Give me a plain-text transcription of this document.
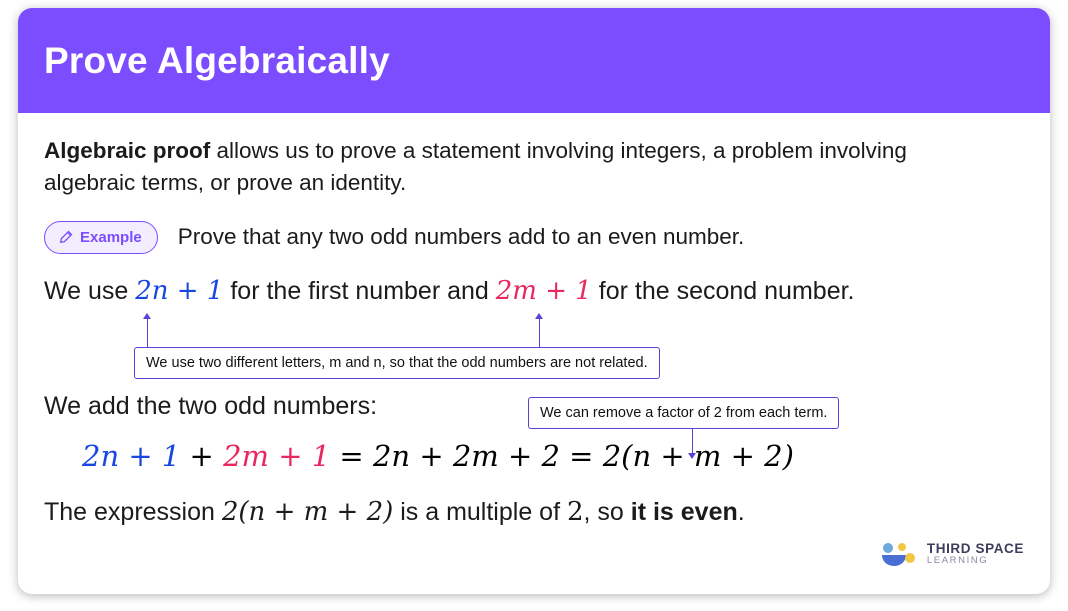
Prove Algebraically
Algebraic proof allows us to prove a statement involving integers, a problem involving algebraic terms, or prove an identity.
Example Prove that any two odd numbers add to an even number.
We use 2n + 1 for the first number and 2m + 1 for the second number.
We use two different letters, m and n, so that the odd numbers are not related.
We add the two odd numbers:	We can remove a factor of 2 from each term.
2n + 1 + 2m + 1 = 2n + 2m + 2 = 2(n + m + 2)
The expression 2(n + m + 2) is a multiple of 2, so it is even.
THIRD SPACE
LEARNING
